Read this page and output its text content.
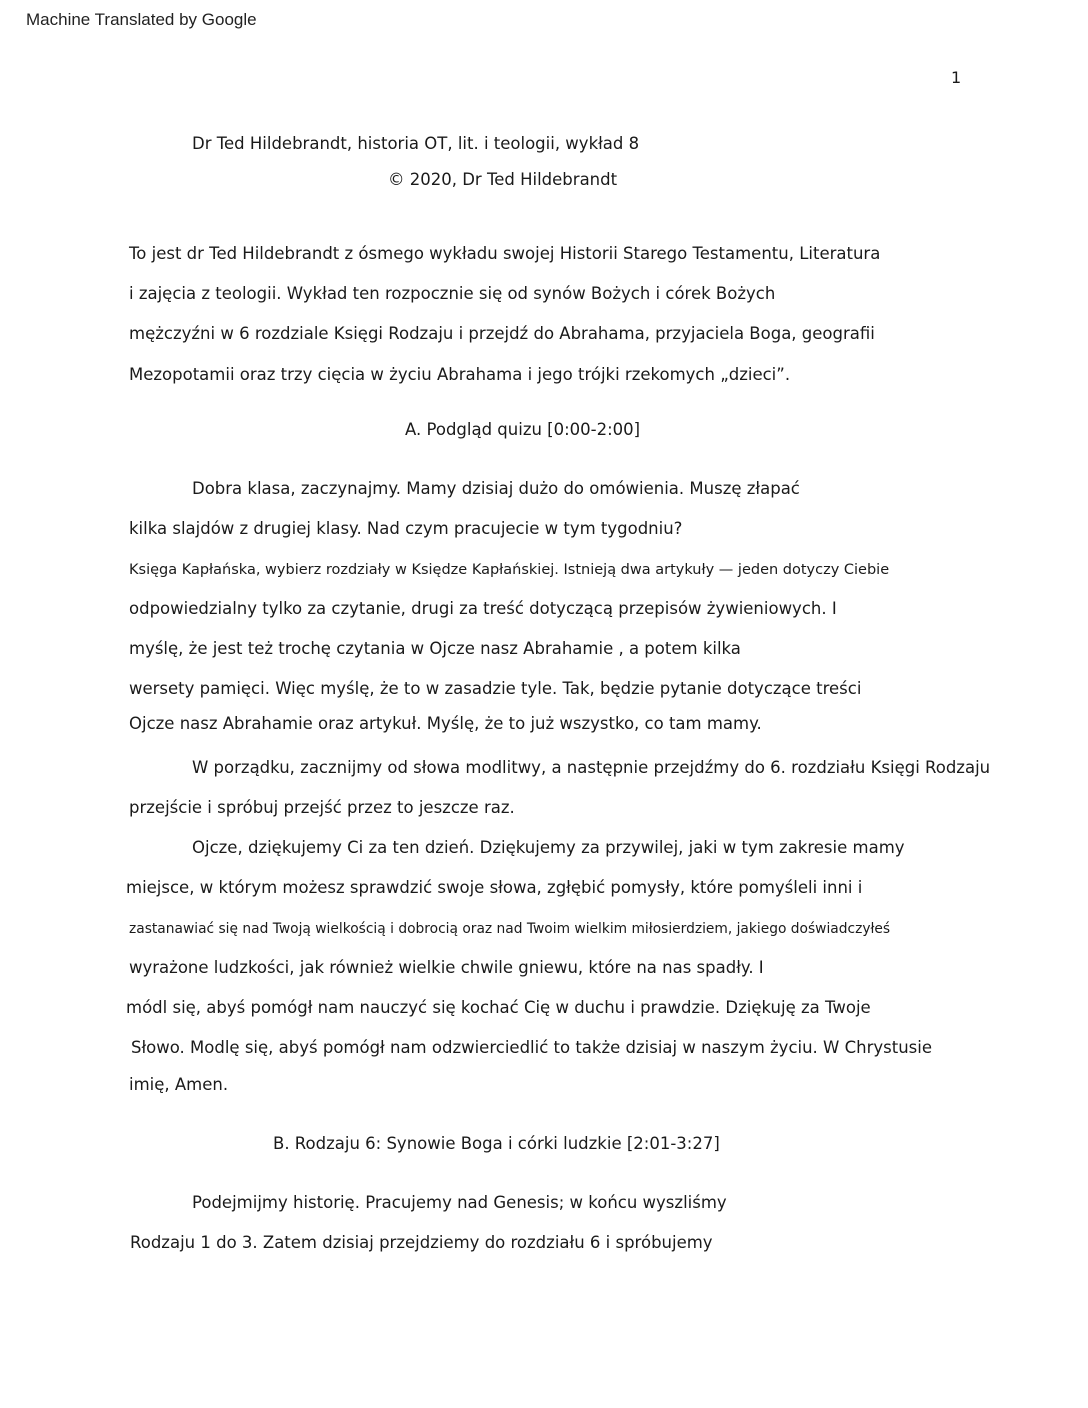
Machine Translated by Google
1
Dr Ted Hildebrandt, historia OT, lit. i teologii, wykład 8
© 2020, Dr Ted Hildebrandt
To jest dr Ted Hildebrandt z ósmego wykładu swojej Historii Starego Testamentu, Literatura
i zajęcia z teologii. Wykład ten rozpocznie się od synów Bożych i córek Bożych
mężczyźni w 6 rozdziale Księgi Rodzaju i przejdź do Abrahama, przyjaciela Boga, geografii
Mezopotamii oraz trzy cięcia w życiu Abrahama i jego trójki rzekomych „dzieci”.
A. Podgląd quizu [0:00-2:00]
Dobra klasa, zaczynajmy. Mamy dzisiaj dużo do omówienia. Muszę złapać
kilka slajdów z drugiej klasy. Nad czym pracujecie w tym tygodniu?
Księga Kapłańska, wybierz rozdziały w Księdze Kapłańskiej. Istnieją dwa artykuły — jeden dotyczy Ciebie
odpowiedzialny tylko za czytanie, drugi za treść dotyczącą przepisów żywieniowych. I
myślę, że jest też trochę czytania w Ojcze nasz Abrahamie , a potem kilka
wersety pamięci. Więc myślę, że to w zasadzie tyle. Tak, będzie pytanie dotyczące treści
Ojcze nasz Abrahamie oraz artykuł. Myślę, że to już wszystko, co tam mamy.
W porządku, zacznijmy od słowa modlitwy, a następnie przejdźmy do 6. rozdziału Księgi Rodzaju
przejście i spróbuj przejść przez to jeszcze raz.
Ojcze, dziękujemy Ci za ten dzień. Dziękujemy za przywilej, jaki w tym zakresie mamy
miejsce, w którym możesz sprawdzić swoje słowa, zgłębić pomysły, które pomyśleli inni i
zastanawiać się nad Twoją wielkością i dobrocią oraz nad Twoim wielkim miłosierdziem, jakiego doświadczyłeś
wyrażone ludzkości, jak również wielkie chwile gniewu, które na nas spadły. I
módl się, abyś pomógł nam nauczyć się kochać Cię w duchu i prawdzie. Dziękuję za Twoje
Słowo. Modlę się, abyś pomógł nam odzwierciedlić to także dzisiaj w naszym życiu. W Chrystusie
imię, Amen.
B. Rodzaju 6: Synowie Boga i córki ludzkie [2:01-3:27]
Podejmijmy historię. Pracujemy nad Genesis; w końcu wyszliśmy
Rodzaju 1 do 3. Zatem dzisiaj przejdziemy do rozdziału 6 i spróbujemy
